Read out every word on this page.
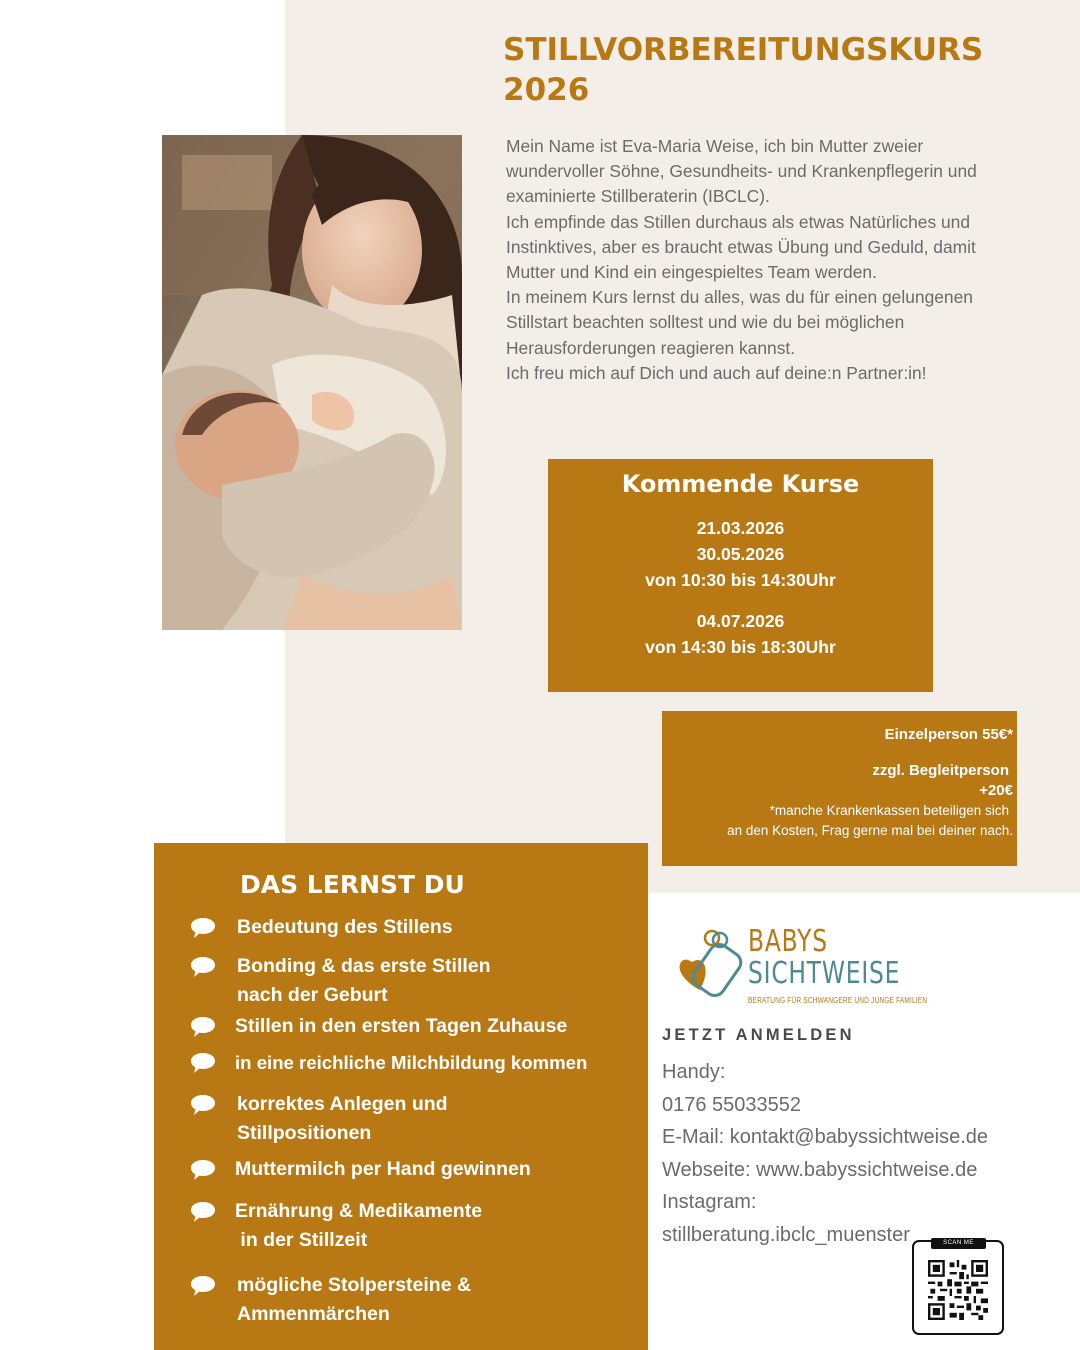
STILLVORBEREITUNGSKURS 2026

Mein Name ist Eva-Maria Weise, ich bin Mutter zweier wundervoller Söhne, Gesundheits- und Krankenpflegerin und examinierte Stillberaterin (IBCLC).

Ich empfinde das Stillen durchaus als etwas Natürliches und Instinktives, aber es braucht etwas Übung und Geduld, damit Mutter und Kind ein eingespieltes Team werden.

In meinem Kurs lernst du alles, was du für einen gelungenen Stillstart beachten solltest und wie du bei möglichen Herausforderungen reagieren kannst.

Ich freu mich auf Dich und auch auf deine:n Partner:in!

Kommende Kurse
21.03.2026
30.05.2026
von 10:30 bis 14:30Uhr
04.07.2026
von 14:30 bis 18:30Uhr
Einzelperson 55€*
zzgl. Begleitperson
+20€
*manche Krankenkassen beteiligen sich
an den Kosten, Frag gerne mal bei deiner nach.
DAS LERNST DU
Bedeutung des Stillens
Bonding & das erste Stillen
nach der Geburt
Stillen in den ersten Tagen Zuhause
in eine reichliche Milchbildung kommen
korrektes Anlegen und
Stillpositionen
Muttermilch per Hand gewinnen
Ernährung & Medikamente
in der Stillzeit
mögliche Stolpersteine &
Ammenmärchen
BABYS
SICHTWEISE
BERATUNG FÜR SCHWANGERE UND JUNGE FAMILIEN
JETZT ANMELDEN
Handy:
0176 55033552
E-Mail: kontakt@babyssichtweise.de
Webseite: www.babyssichtweise.de
Instagram:
stillberatung.ibclc_muenster	SCAN ME
